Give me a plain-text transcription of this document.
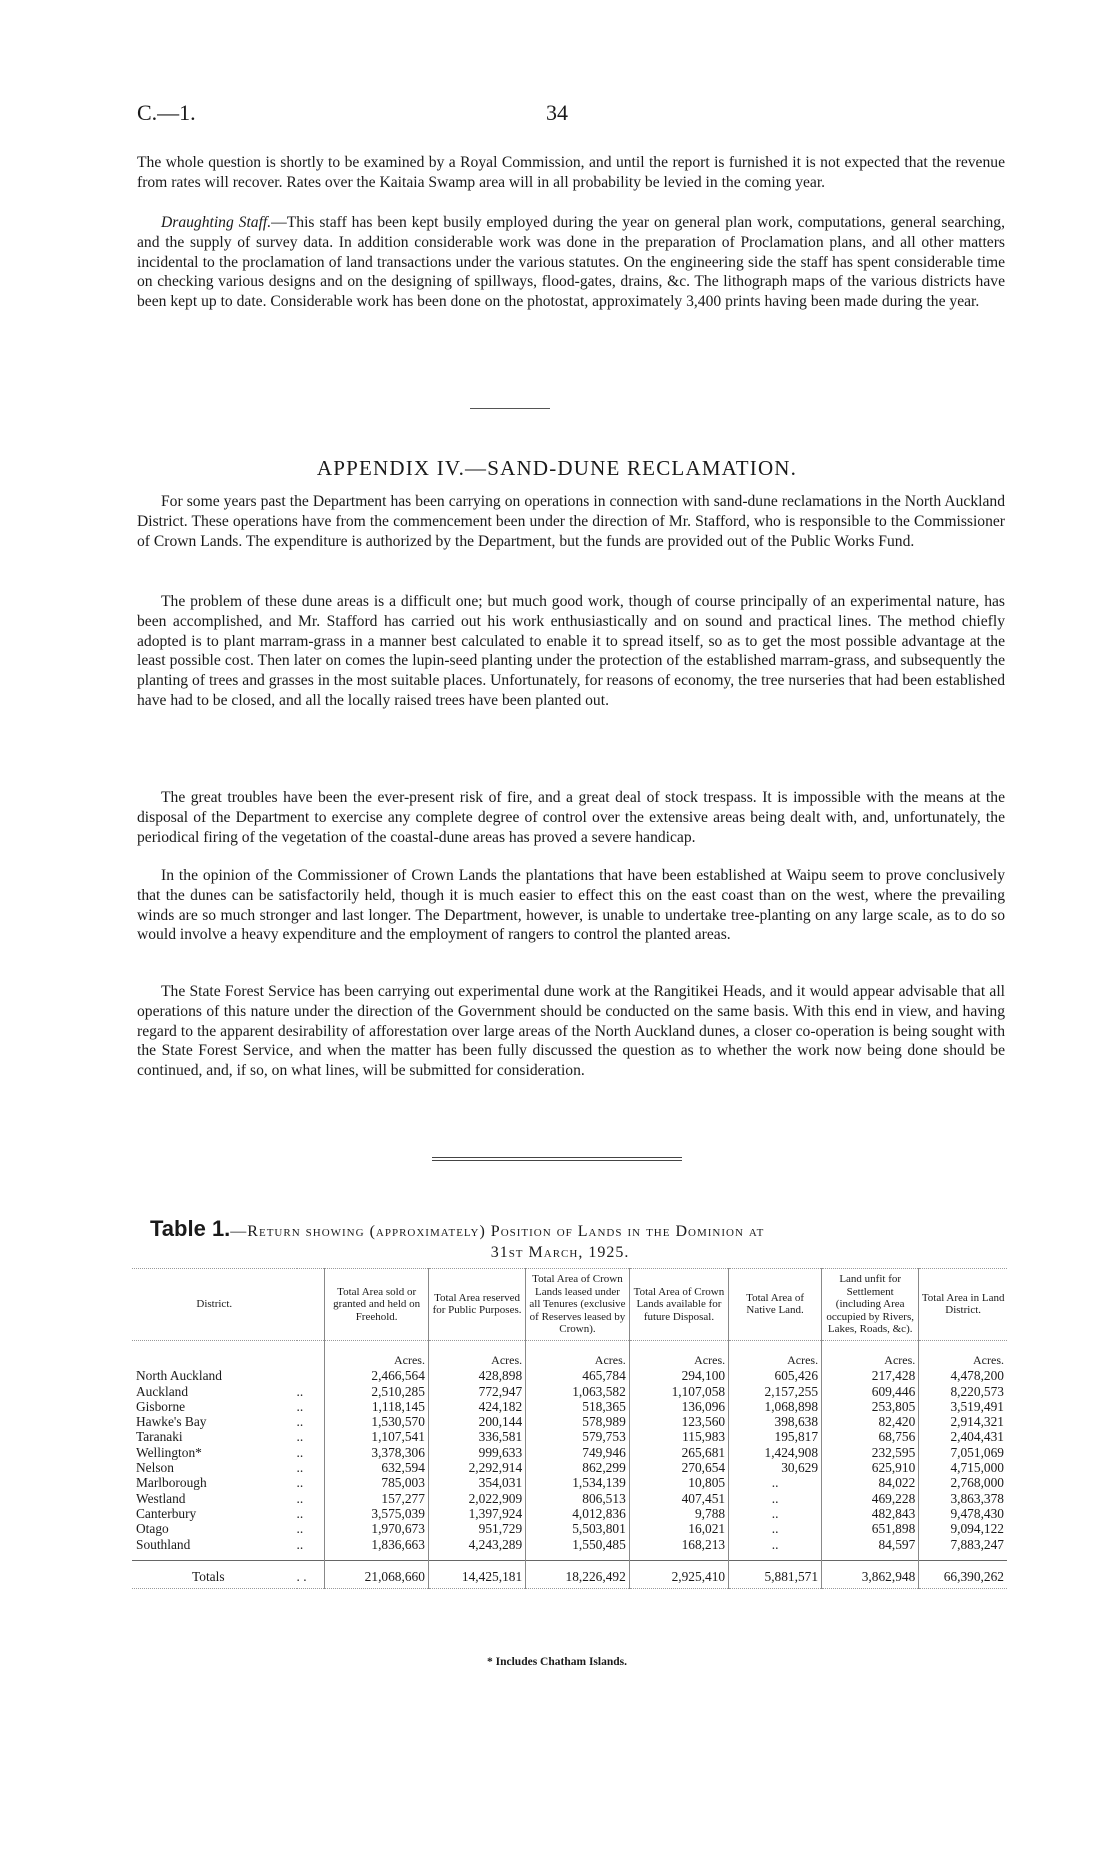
C.—1.	34

The whole question is shortly to be examined by a Royal Commission, and until the report is furnished it is not expected that the revenue from rates will recover. Rates over the Kaitaia Swamp area will in all probability be levied in the coming year.

Draughting Staff.—This staff has been kept busily employed during the year on general plan work, computations, general searching, and the supply of survey data. In addition considerable work was done in the preparation of Proclamation plans, and all other matters incidental to the proclamation of land transactions under the various statutes. On the engineering side the staff has spent considerable time on checking various designs and on the designing of spillways, flood-gates, drains, &c. The lithograph maps of the various districts have been kept up to date. Considerable work has been done on the photostat, approximately 3,400 prints having been made during the year.

APPENDIX IV.—SAND-DUNE RECLAMATION.

For some years past the Department has been carrying on operations in connection with sand-dune reclamations in the North Auckland District. These operations have from the commencement been under the direction of Mr. Stafford, who is responsible to the Commissioner of Crown Lands. The expenditure is authorized by the Department, but the funds are provided out of the Public Works Fund.

The problem of these dune areas is a difficult one; but much good work, though of course principally of an experimental nature, has been accomplished, and Mr. Stafford has carried out his work enthusiastically and on sound and practical lines. The method chiefly adopted is to plant marram-grass in a manner best calculated to enable it to spread itself, so as to get the most possible advantage at the least possible cost. Then later on comes the lupin-seed planting under the protection of the established marram-grass, and subsequently the planting of trees and grasses in the most suitable places. Unfortunately, for reasons of economy, the tree nurseries that had been established have had to be closed, and all the locally raised trees have been planted out.

The great troubles have been the ever-present risk of fire, and a great deal of stock trespass. It is impossible with the means at the disposal of the Department to exercise any complete degree of control over the extensive areas being dealt with, and, unfortunately, the periodical firing of the vegetation of the coastal-dune areas has proved a severe handicap.

In the opinion of the Commissioner of Crown Lands the plantations that have been established at Waipu seem to prove conclusively that the dunes can be satisfactorily held, though it is much easier to effect this on the east coast than on the west, where the prevailing winds are so much stronger and last longer. The Department, however, is unable to undertake tree-planting on any large scale, as to do so would involve a heavy expenditure and the employment of rangers to control the planted areas.

The State Forest Service has been carrying out experimental dune work at the Rangitikei Heads, and it would appear advisable that all operations of this nature under the direction of the Government should be conducted on the same basis. With this end in view, and having regard to the apparent desirability of afforestation over large areas of the North Auckland dunes, a closer co-operation is being sought with the State Forest Service, and when the matter has been fully discussed the question as to whether the work now being done should be continued, and, if so, on what lines, will be submitted for consideration.

Table 1.—Return showing (approximately) Position of Lands in the Dominion at
31st March, 1925.
District.		Total Area sold or granted and held on Freehold.	Total Area reserved for Public Purposes.	Total Area of Crown Lands leased under all Tenures (exclusive of Reserves leased by Crown).	Total Area of Crown Lands available for future Disposal.	Total Area of Native Land.	Land unfit for Settlement (including Area occupied by Rivers, Lakes, Roads, &c).	Total Area in Land District.
		Acres.	Acres.	Acres.	Acres.	Acres.	Acres.	Acres.
North Auckland		2,466,564	428,898	465,784	294,100	605,426	217,428	4,478,200
Auckland	..	2,510,285	772,947	1,063,582	1,107,058	2,157,255	609,446	8,220,573
Gisborne	..	1,118,145	424,182	518,365	136,096	1,068,898	253,805	3,519,491
Hawke's Bay	..	1,530,570	200,144	578,989	123,560	398,638	82,420	2,914,321
Taranaki	..	1,107,541	336,581	579,753	115,983	195,817	68,756	2,404,431
Wellington*	..	3,378,306	999,633	749,946	265,681	1,424,908	232,595	7,051,069
Nelson	..	632,594	2,292,914	862,299	270,654	30,629	625,910	4,715,000
Marlborough	..	785,003	354,031	1,534,139	10,805	..	84,022	2,768,000
Westland	..	157,277	2,022,909	806,513	407,451	..	469,228	3,863,378
Canterbury	..	3,575,039	1,397,924	4,012,836	9,788	..	482,843	9,478,430
Otago	..	1,970,673	951,729	5,503,801	16,021	..	651,898	9,094,122
Southland	..	1,836,663	4,243,289	1,550,485	168,213	..	84,597	7,883,247

Totals	. .	21,068,660	14,425,181	18,226,492	2,925,410	5,881,571	3,862,948	66,390,262
* Includes Chatham Islands.
